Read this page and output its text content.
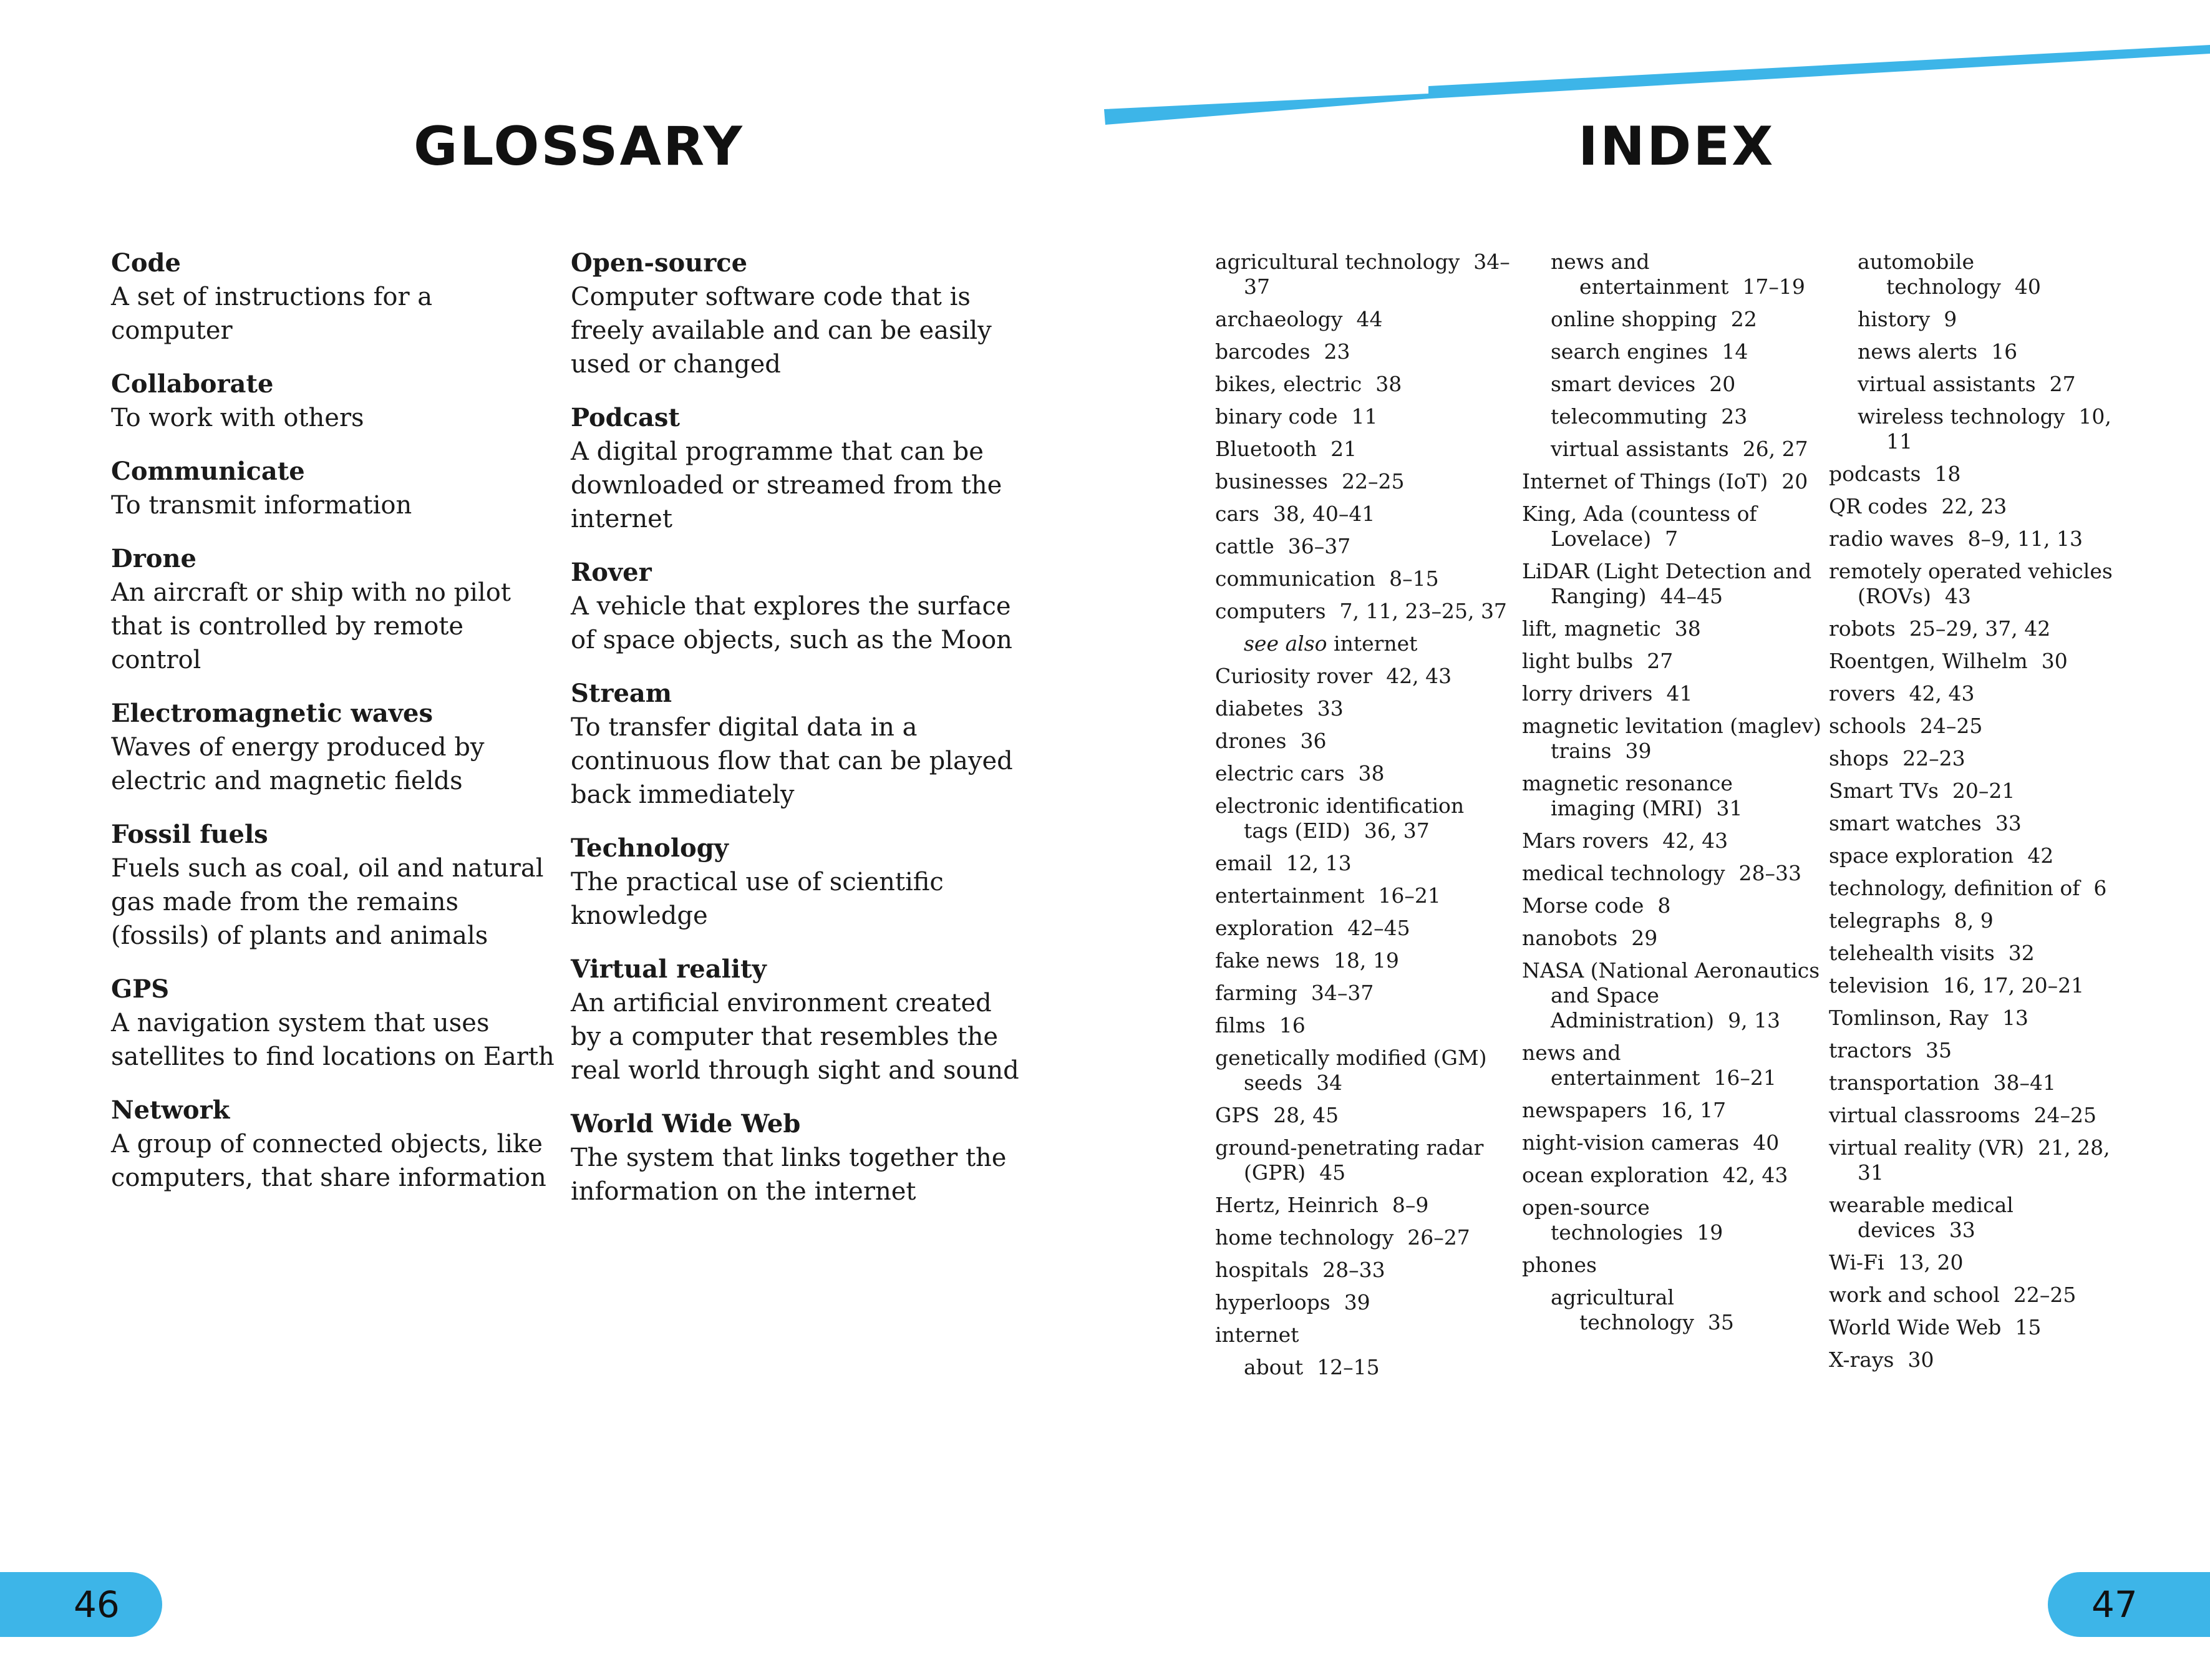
GLOSSARY	INDEX
Code
A set of instructions for a computer
Collaborate
To work with others
Communicate
To transmit information
Drone
An aircraft or ship with no pilot that is controlled by remote control
Electromagnetic waves
Waves of energy produced by electric and magnetic fields
Fossil fuels
Fuels such as coal, oil and natural gas made from the remains (fossils) of plants and animals
GPS
A navigation system that uses satellites to find locations on Earth
Network
A group of connected objects, like computers, that share information
Open-source
Computer software code that is freely available and can be easily used or changed
Podcast
A digital programme that can be downloaded or streamed from the internet
Rover
A vehicle that explores the surface of space objects, such as the Moon
Stream
To transfer digital data in a continuous flow that can be played back immediately
Technology
The practical use of scientific knowledge
Virtual reality
An artificial environment created by a computer that resembles the real world through sight and sound
World Wide Web
The system that links together the information on the internet
agricultural technology 34–37
archaeology 44
barcodes 23
bikes, electric 38
binary code 11
Bluetooth 21
businesses 22–25
cars 38, 40–41
cattle 36–37
communication 8–15
computers 7, 11, 23–25, 37
see also internet
Curiosity rover 42, 43
diabetes 33
drones 36
electric cars 38
electronic identification tags (EID) 36, 37
email 12, 13
entertainment 16–21
exploration 42–45
fake news 18, 19
farming 34–37
films 16
genetically modified (GM) seeds 34
GPS 28, 45
ground-penetrating radar (GPR) 45
Hertz, Heinrich 8–9
home technology 26–27
hospitals 28–33
hyperloops 39
internet
about 12–15
news and entertainment 17–19
online shopping 22
search engines 14
smart devices 20
telecommuting 23
virtual assistants 26, 27
Internet of Things (IoT) 20
King, Ada (countess of Lovelace) 7
LiDAR (Light Detection and Ranging) 44–45
lift, magnetic 38
light bulbs 27
lorry drivers 41
magnetic levitation (maglev) trains 39
magnetic resonance imaging (MRI) 31
Mars rovers 42, 43
medical technology 28–33
Morse code 8
nanobots 29
NASA (National Aeronautics and Space Administration) 9, 13
news and entertainment 16–21
newspapers 16, 17
night-vision cameras 40
ocean exploration 42, 43
open-source technologies 19
phones
agricultural technology 35
automobile technology 40
history 9
news alerts 16
virtual assistants 27
wireless technology 10, 11
podcasts 18
QR codes 22, 23
radio waves 8–9, 11, 13
remotely operated vehicles (ROVs) 43
robots 25–29, 37, 42
Roentgen, Wilhelm 30
rovers 42, 43
schools 24–25
shops 22–23
Smart TVs 20–21
smart watches 33
space exploration 42
technology, definition of 6
telegraphs 8, 9
telehealth visits 32
television 16, 17, 20–21
Tomlinson, Ray 13
tractors 35
transportation 38–41
virtual classrooms 24–25
virtual reality (VR) 21, 28, 31
wearable medical devices 33
Wi-Fi 13, 20
work and school 22–25
World Wide Web 15
X-rays 30
46	47
